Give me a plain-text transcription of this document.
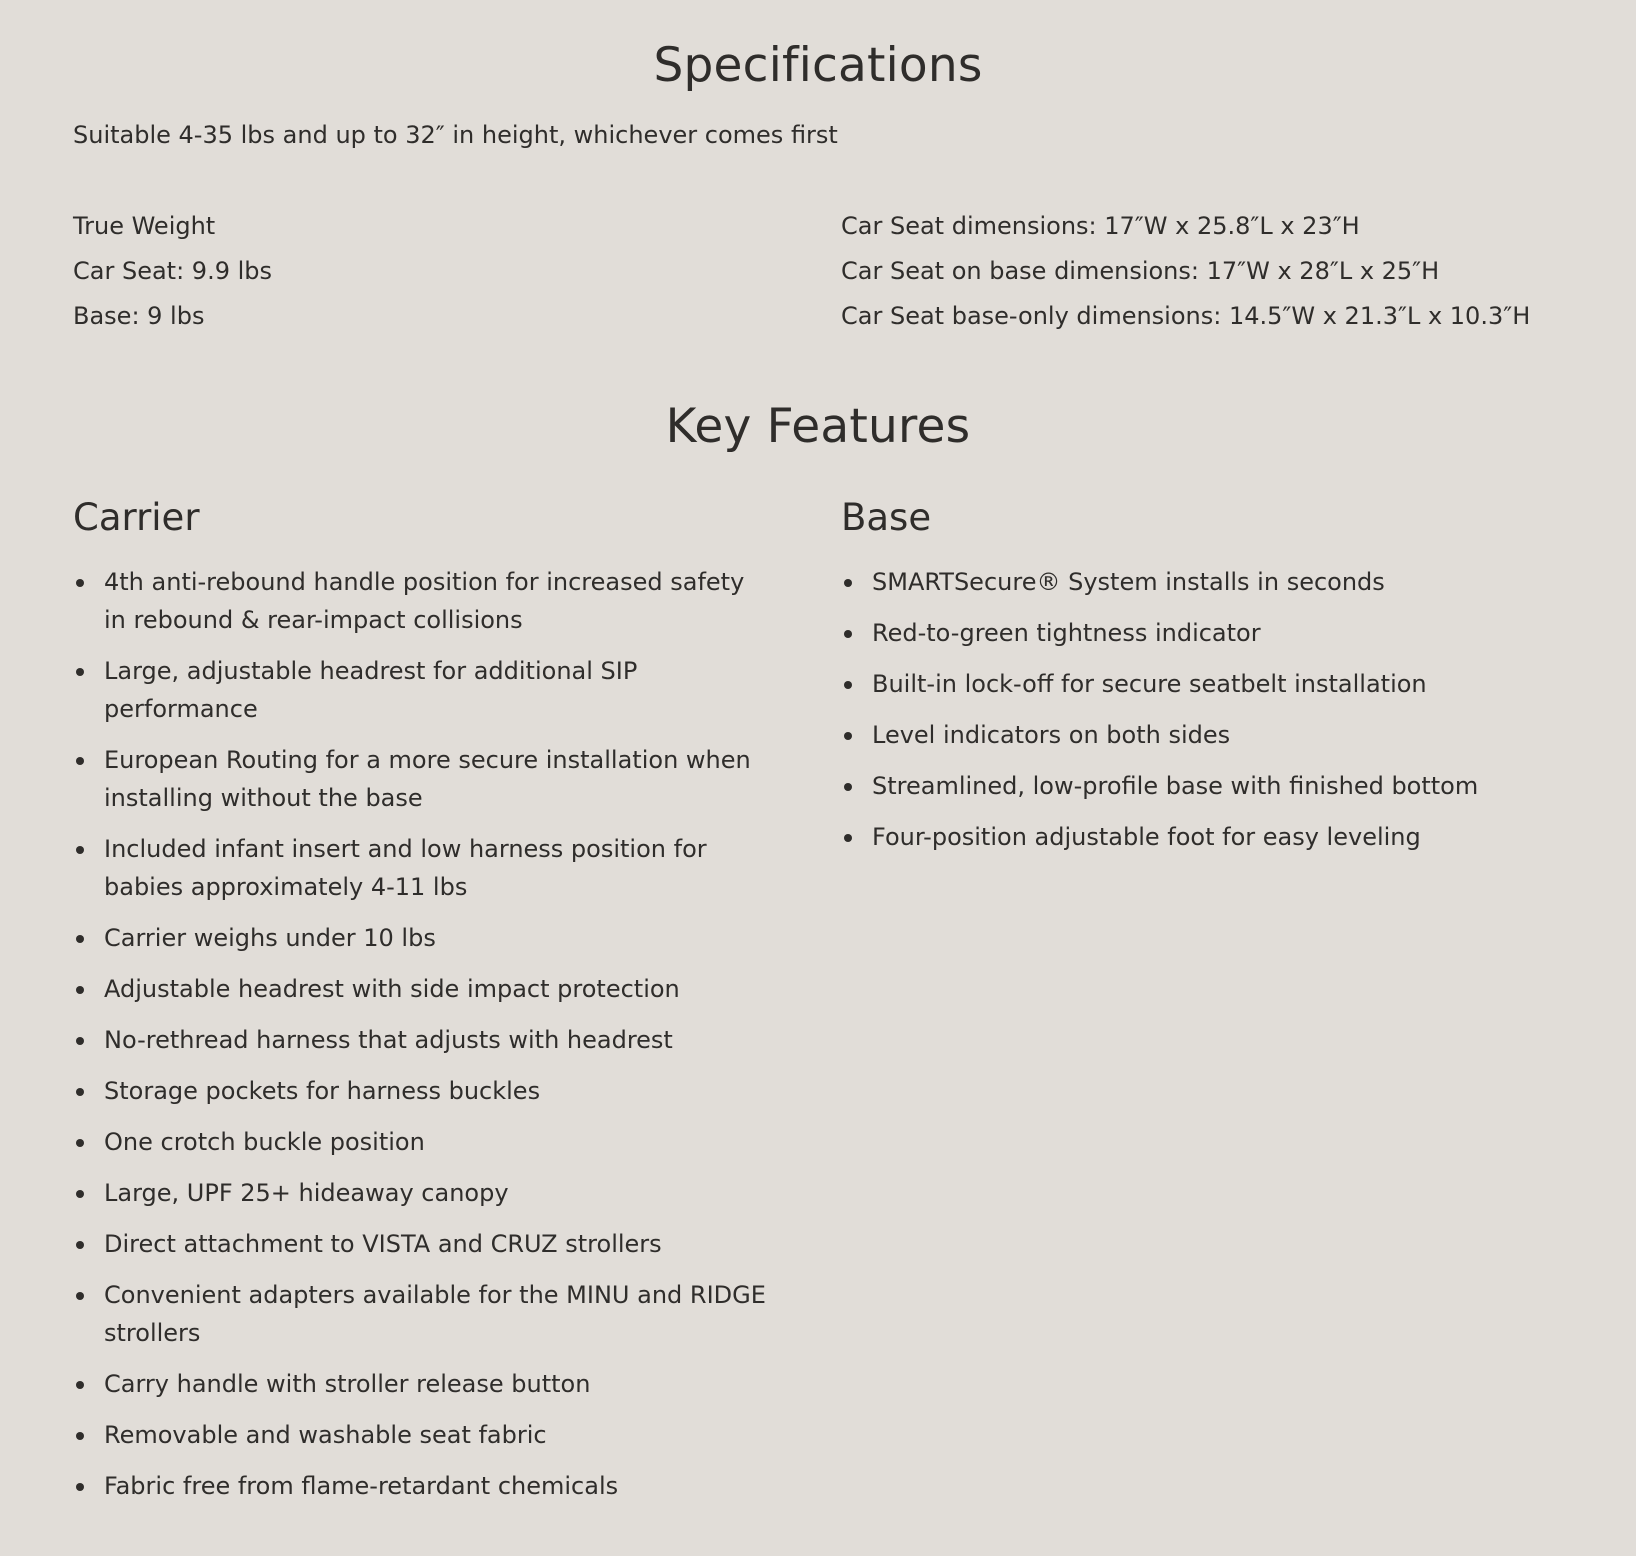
Specifications
Suitable 4-35 lbs and up to 32″ in height, whichever comes first
True Weight
Car Seat: 9.9 lbs
Base: 9 lbs
Car Seat dimensions: 17″W x 25.8″L x 23″H
Car Seat on base dimensions: 17″W x 28″L x 25″H
Car Seat base-only dimensions: 14.5″W x 21.3″L x 10.3″H
Key Features
Carrier
4th anti-rebound handle position for increased safety in rebound & rear-impact collisions
Large, adjustable headrest for additional SIP performance
European Routing for a more secure installation when installing without the base
Included infant insert and low harness position for babies approximately 4-11 lbs
Carrier weighs under 10 lbs
Adjustable headrest with side impact protection
No-rethread harness that adjusts with headrest
Storage pockets for harness buckles
One crotch buckle position
Large, UPF 25+ hideaway canopy
Direct attachment to VISTA and CRUZ strollers
Convenient adapters available for the MINU and RIDGE strollers
Carry handle with stroller release button
Removable and washable seat fabric
Fabric free from flame-retardant chemicals
Base
SMARTSecure® System installs in seconds
Red-to-green tightness indicator
Built-in lock-off for secure seatbelt installation
Level indicators on both sides
Streamlined, low-profile base with finished bottom
Four-position adjustable foot for easy leveling
